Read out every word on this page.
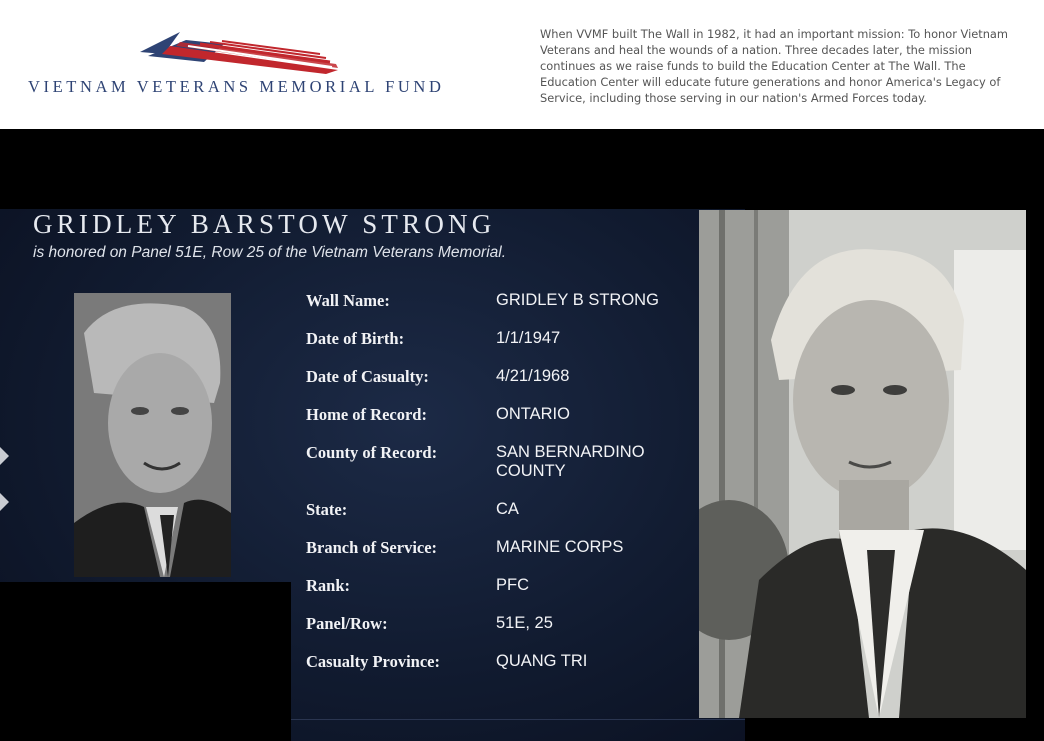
VIETNAM VETERANS MEMORIAL FUND
When VVMF built The Wall in 1982, it had an important mission: To honor Vietnam Veterans and heal the wounds of a nation. Three decades later, the mission continues as we raise funds to build the Education Center at The Wall. The Education Center will educate future generations and honor America's Legacy of Service, including those serving in our nation's Armed Forces today.
GRIDLEY BARSTOW STRONG
is honored on Panel 51E, Row 25 of the Vietnam Veterans Memorial.
Wall Name:	GRIDLEY B STRONG
Date of Birth:	1/1/1947
Date of Casualty:	4/21/1968
Home of Record:	ONTARIO
County of Record:	SAN BERNARDINO COUNTY
State:	CA
Branch of Service:	MARINE CORPS
Rank:	PFC
Panel/Row:	51E, 25
Casualty Province:	QUANG TRI
